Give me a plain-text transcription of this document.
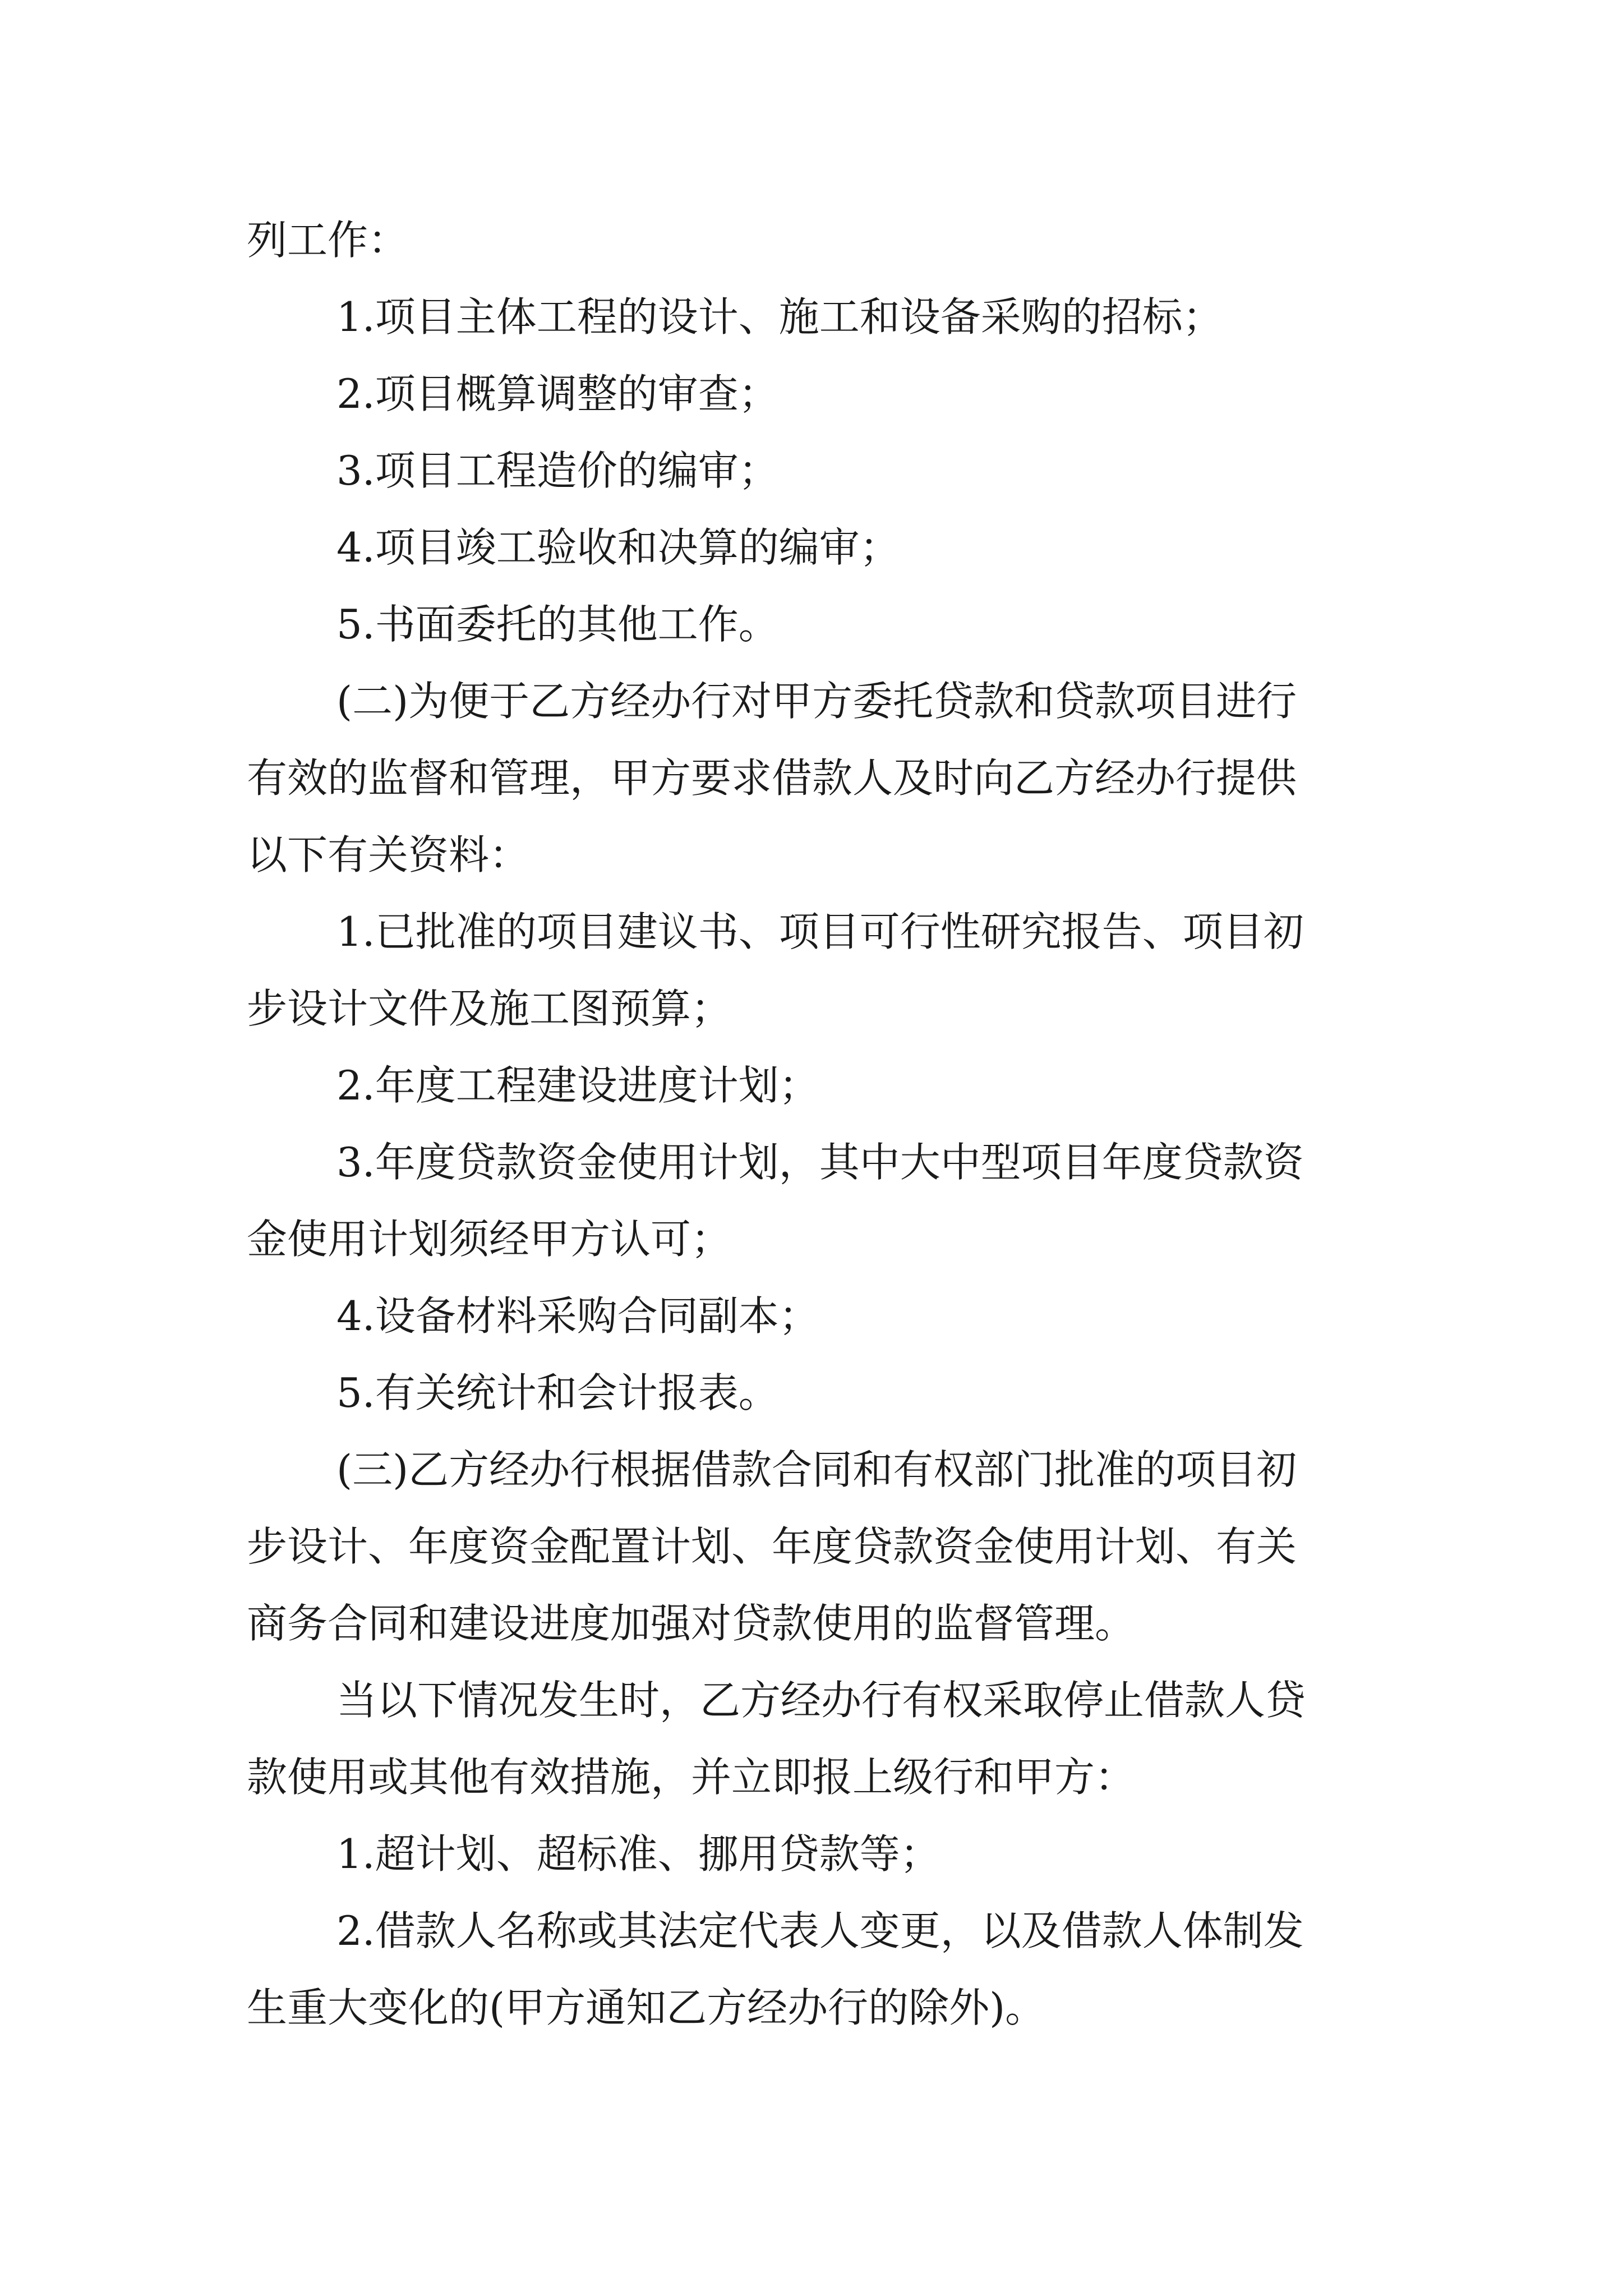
列工作：
1.项目主体工程的设计、施工和设备采购的招标；
2.项目概算调整的审查；
3.项目工程造价的编审；
4.项目竣工验收和决算的编审；
5.书面委托的其他工作。
(二)为便于乙方经办行对甲方委托贷款和贷款项目进行
有效的监督和管理，甲方要求借款人及时向乙方经办行提供
以下有关资料：
1.已批准的项目建议书、项目可行性研究报告、项目初
步设计文件及施工图预算；
2.年度工程建设进度计划；
3.年度贷款资金使用计划，其中大中型项目年度贷款资
金使用计划须经甲方认可；
4.设备材料采购合同副本；
5.有关统计和会计报表。
(三)乙方经办行根据借款合同和有权部门批准的项目初
步设计、年度资金配置计划、年度贷款资金使用计划、有关
商务合同和建设进度加强对贷款使用的监督管理。
当以下情况发生时，乙方经办行有权采取停止借款人贷
款使用或其他有效措施，并立即报上级行和甲方：
1.超计划、超标准、挪用贷款等；
2.借款人名称或其法定代表人变更，以及借款人体制发
生重大变化的(甲方通知乙方经办行的除外)。
